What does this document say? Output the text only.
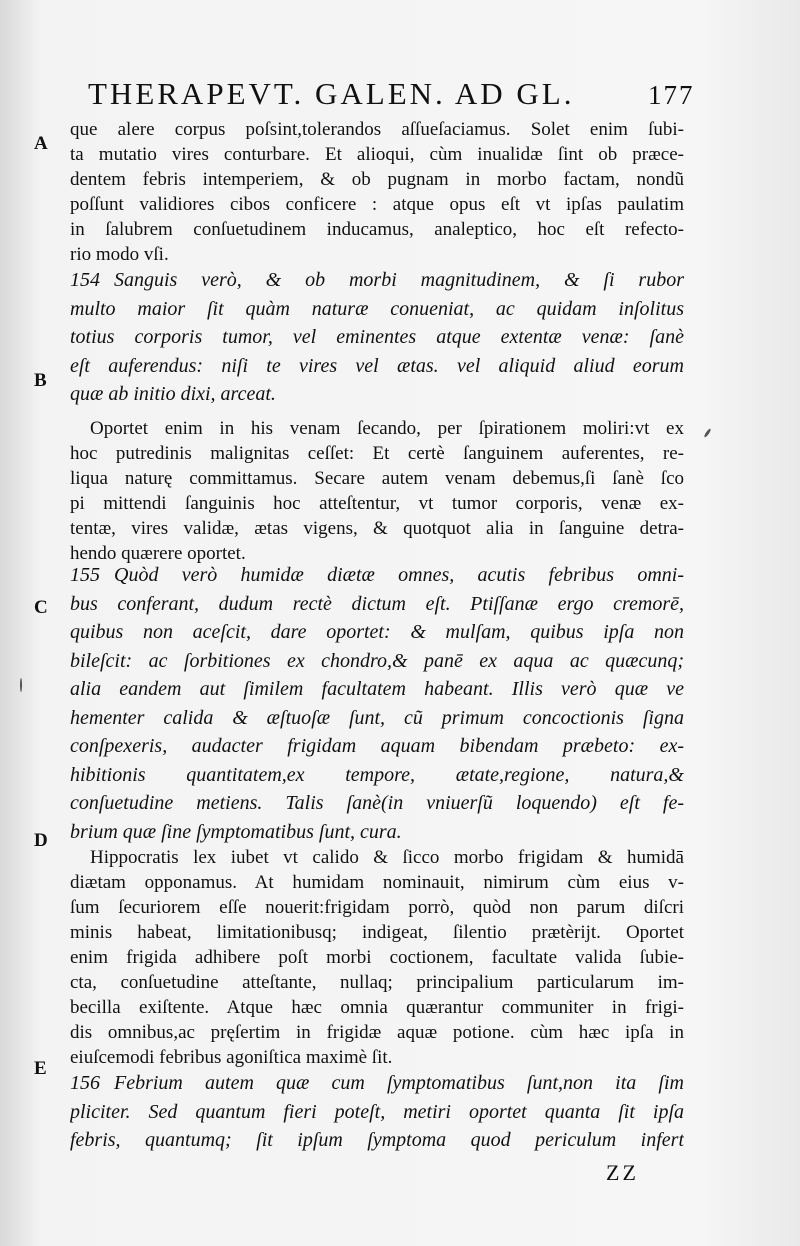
THERAPEVT. GALEN. AD GL.	177
A
B
C
D
E
que alere corpus poſsint,tolerandos aſſueſaciamus. Solet enim ſubi-
ta mutatio vires conturbare. Et alioqui, cùm inualidæ ſint ob præce-
dentem febris intemperiem, & ob pugnam in morbo factam, nondũ
poſſunt validiores cibos conficere : atque opus eſt vt ipſas paulatim
in ſalubrem conſuetudinem inducamus, analeptico, hoc eſt refecto-
rio modo vſi.
154 Sanguis verò, & ob morbi magnitudinem, & ſi rubor
multo maior ſit quàm naturæ conueniat, ac quidam inſolitus
totius corporis tumor, vel eminentes atque extentæ venæ: ſanè
eſt auferendus: niſi te vires vel ætas. vel aliquid aliud eorum
quæ ab initio dixi, arceat.
Oportet enim in his venam ſecando, per ſpirationem moliri:vt ex
hoc putredinis malignitas ceſſet: Et certè ſanguinem auferentes, re-
liqua naturę committamus. Secare autem venam debemus,ſi ſanè ſco
pi mittendi ſanguinis hoc atteſtentur, vt tumor corporis, venæ ex-
tentæ, vires validæ, ætas vigens, & quotquot alia in ſanguine detra-
hendo quærere oportet.
155 Quòd verò humidæ diætæ omnes, acutis febribus omni-
bus conferant, dudum rectè dictum eſt. Ptiſſanæ ergo cremorē,
quibus non aceſcit, dare oportet: & mulſam, quibus ipſa non
bileſcit: ac ſorbitiones ex chondro,& panē ex aqua ac quæcunq;
alia eandem aut ſimilem facultatem habeant. Illis verò quæ ve
hementer calida & æſtuoſæ ſunt, cũ primum concoctionis ſigna
conſpexeris, audacter frigidam aquam bibendam præbeto: ex-
hibitionis quantitatem,ex tempore, ætate,regione, natura,&
conſuetudine metiens. Talis ſanè(in vniuerſũ loquendo) eſt fe-
brium quæ ſine ſymptomatibus ſunt, cura.
Hippocratis lex iubet vt calido & ſicco morbo frigidam & humidā
diætam opponamus. At humidam nominauit, nimirum cùm eius v-
ſum ſecuriorem eſſe nouerit:frigidam porrò, quòd non parum diſcri
minis habeat, limitationibusq; indigeat, ſilentio prætèrijt. Oportet
enim frigida adhibere poſt morbi coctionem, facultate valida ſubie-
cta, conſuetudine atteſtante, nullaq; principalium particularum im-
becilla exiſtente. Atque hæc omnia quærantur communiter in frigi-
dis omnibus,ac pręſertim in frigidæ aquæ potione. cùm hæc ipſa in
eiuſcemodi febribus agoniſtica maximè ſit.
156 Febrium autem quæ cum ſymptomatibus ſunt,non ita ſim
pliciter. Sed quantum fieri poteſt, metiri oportet quanta ſit ipſa
febris, quantumq; ſit ipſum ſymptoma quod periculum infert
ZZ
